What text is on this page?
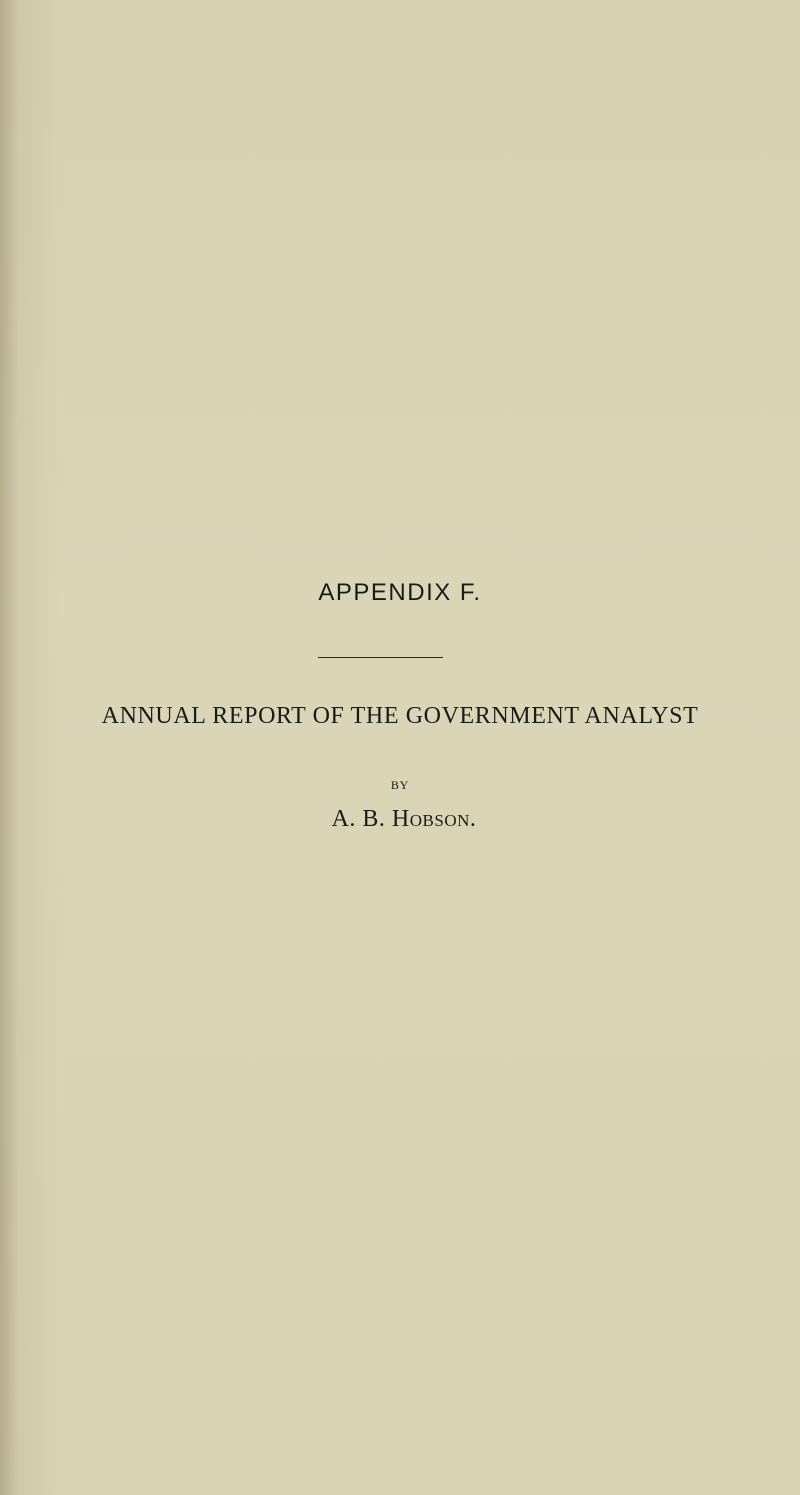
APPENDIX F.
ANNUAL REPORT OF THE GOVERNMENT ANALYST
BY
A. B. Hobson.
